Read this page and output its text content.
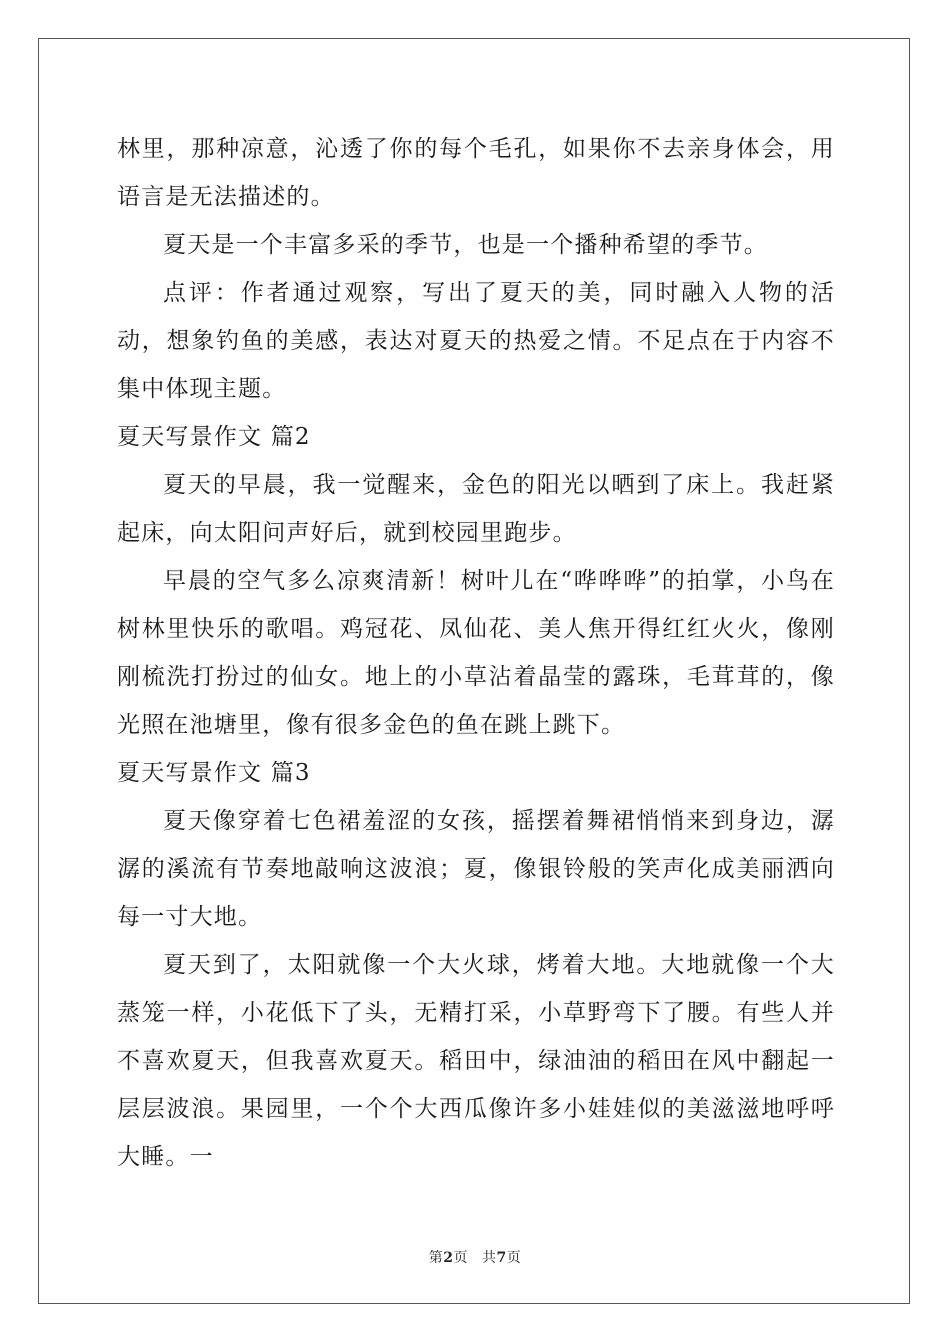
林里，那种凉意，沁透了你的每个毛孔，如果你不去亲身体会，用语言是无法描述的。

夏天是一个丰富多采的季节，也是一个播种希望的季节。

点评：作者通过观察，写出了夏天的美，同时融入人物的活动，想象钓鱼的美感，表达对夏天的热爱之情。不足点在于内容不集中体现主题。

夏天写景作文 篇2

夏天的早晨，我一觉醒来，金色的阳光以晒到了床上。我赶紧起床，向太阳问声好后，就到校园里跑步。

早晨的空气多么凉爽清新！树叶儿在“哗哗哗”的拍掌，小鸟在树林里快乐的歌唱。鸡冠花、凤仙花、美人焦开得红红火火，像刚刚梳洗打扮过的仙女。地上的小草沾着晶莹的露珠，毛茸茸的，像光照在池塘里，像有很多金色的鱼在跳上跳下。

夏天写景作文 篇3

夏天像穿着七色裙羞涩的女孩，摇摆着舞裙悄悄来到身边，潺潺的溪流有节奏地敲响这波浪；夏，像银铃般的笑声化成美丽洒向每一寸大地。

夏天到了，太阳就像一个大火球，烤着大地。大地就像一个大蒸笼一样，小花低下了头，无精打采，小草野弯下了腰。有些人并不喜欢夏天，但我喜欢夏天。稻田中，绿油油的稻田在风中翻起一层层波浪。果园里，一个个大西瓜像许多小娃娃似的美滋滋地呼呼大睡。一

第2页 共7页
